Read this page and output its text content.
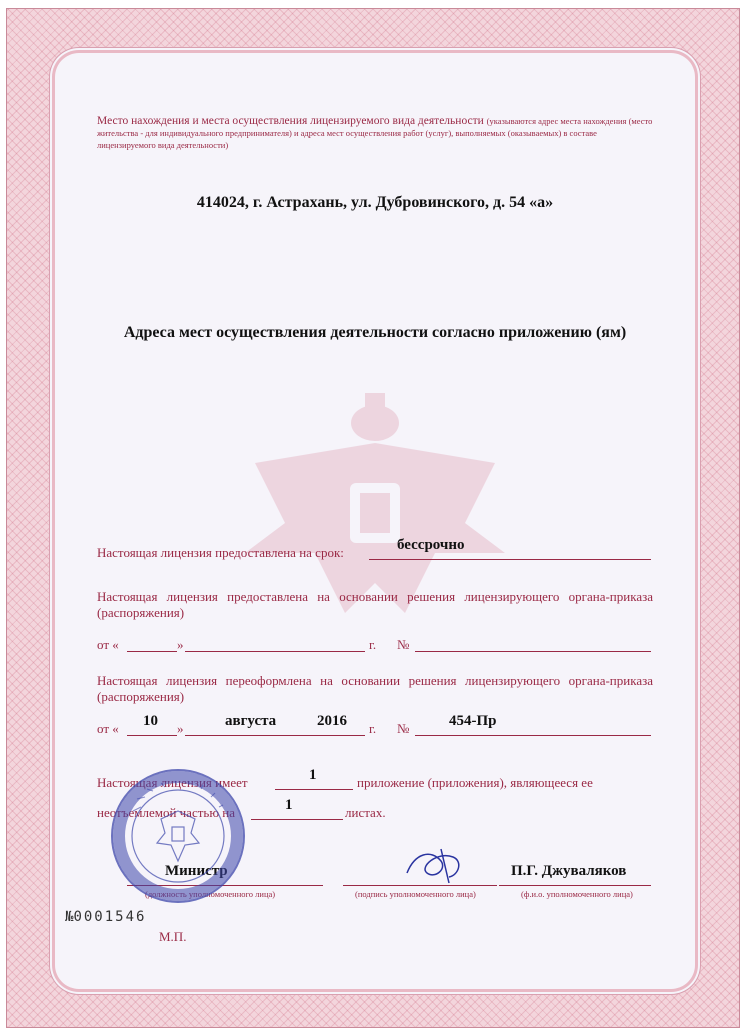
Место нахождения и места осуществления лицензируемого вида деятельности (указываются адрес места нахождения (место жительства - для индивидуального предпринимателя) и адреса мест осуществления работ (услуг), выполняемых (оказываемых) в составе лицензируемого вида деятельности)
414024, г. Астрахань, ул. Дубровинского, д. 54 «а»
Адреса мест осуществления деятельности согласно приложению (ям)
Настоящая лицензия предоставлена на срок:	бессрочно
Настоящая лицензия предоставлена на основании решения лицензирующего органа-приказа (распоряжения)
от «	»	г. №
Настоящая лицензия переоформлена на основании решения лицензирующего органа-приказа (распоряжения)
от « 10 »	августа	2016 г. №	454-Пр
Настоящая лицензия имеет	1	приложение (приложения), являющееся ее
неотъемлемой частью на	1	листах.
Министр
(должность уполномоченного лица)	(подпись уполномоченного лица)
П.Г. Джуваляков
(ф.и.о. уполномоченного лица)
М.П.
№0001546
